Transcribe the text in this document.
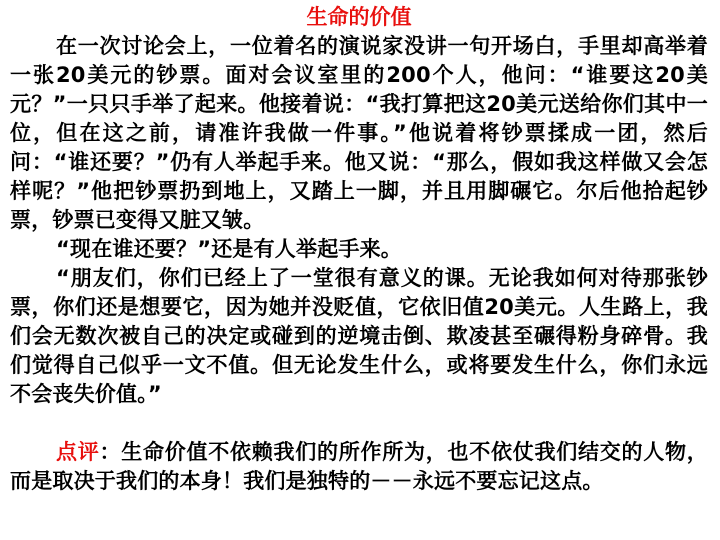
生命的价值

在一次讨论会上，一位着名的演说家没讲一句开场白，手里却高举着一张20美元的钞票。面对会议室里的200个人，他问：“谁要这20美元？”一只只手举了起来。他接着说：“我打算把这20美元送给你们其中一位，但在这之前，请准许我做一件事。”他说着将钞票揉成一团，然后问：“谁还要？”仍有人举起手来。他又说：“那么，假如我这样做又会怎样呢？”他把钞票扔到地上，又踏上一脚，并且用脚碾它。尔后他拾起钞票，钞票已变得又脏又皱。

“现在谁还要？”还是有人举起手来。

“朋友们，你们已经上了一堂很有意义的课。无论我如何对待那张钞票，你们还是想要它，因为她并没贬值，它依旧值20美元。人生路上，我们会无数次被自己的决定或碰到的逆境击倒、欺凌甚至碾得粉身碎骨。我们觉得自己似乎一文不值。但无论发生什么，或将要发生什么，你们永远不会丧失价值。”

点评：生命价值不依赖我们的所作所为，也不依仗我们结交的人物，而是取决于我们的本身！我们是独特的－－永远不要忘记这点。
